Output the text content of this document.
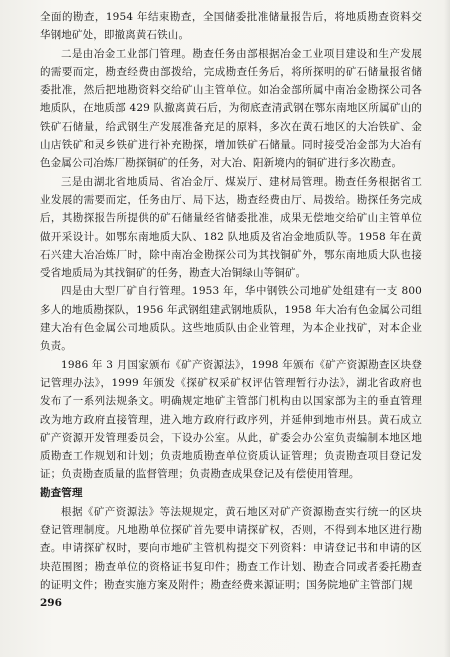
全面的勘查，1954 年结束勘查，全国储委批准储量报告后，将地质勘查资料交华钢地矿处，即撤离黄石铁山。

二是由冶金工业部门管理。勘查任务由部根据冶金工业项目建设和生产发展的需要而定，勘查经费由部拨给，完成勘查任务后，将所探明的矿石储量报省储委批准，然后把地勘资料交给矿山主管单位。如冶金部所属中南冶金勘探公司各地质队，在地质部 429 队撤离黄石后，为彻底查清武钢在鄂东南地区所属矿山的铁矿石储量，给武钢生产发展准备充足的原料，多次在黄石地区的大冶铁矿、金山店铁矿和灵乡铁矿进行补充勘探，增加铁矿石储量。同时接受冶金部为大冶有色金属公司冶炼厂勘探铜矿的任务，对大冶、阳新境内的铜矿进行多次勘查。

三是由湖北省地质局、省冶金厅、煤炭厅、建材局管理。勘查任务根据省工业发展的需要而定，任务由厅、局下达，勘查经费由厅、局拨给。勘探任务完成后，其勘探报告所提供的矿石储量经省储委批准，成果无偿地交给矿山主管单位做开采设计。如鄂东南地质大队、182 队地质及省冶金地质队等。1958 年在黄石兴建大冶冶炼厂时，除中南冶金勘探公司为其找铜矿外，鄂东南地质大队也接受省地质局为其找铜矿的任务，勘查大冶铜绿山等铜矿。

四是由大型厂矿自行管理。1953 年，华中钢铁公司地矿处组建有一支 800 多人的地质勘探队，1956 年武钢组建武钢地质队，1958 年大冶有色金属公司组建大冶有色金属公司地质队。这些地质队由企业管理，为本企业找矿，对本企业负责。

1986 年 3 月国家颁布《矿产资源法》，1998 年颁布《矿产资源勘查区块登记管理办法》，1999 年颁发《探矿权采矿权评估管理暂行办法》，湖北省政府也发布了一系列法规条文。明确规定地矿主管部门机构由以国家部为主的垂直管理改为地方政府直接管理，进入地方政府行政序列，并延伸到地市州县。黄石成立矿产资源开发管理委员会，下设办公室。从此，矿委会办公室负责编制本地区地质勘查工作规划和计划；负责地质勘查单位资质认证管理；负责勘查项目登记发证；负责勘查质量的监督管理；负责勘查成果登记及有偿使用管理。

勘查管理

根据《矿产资源法》等法规规定，黄石地区对矿产资源勘查实行统一的区块登记管理制度。凡地勘单位探矿首先要申请探矿权，否则，不得到本地区进行勘查。申请探矿权时，要向市地矿主管机构提交下列资料：申请登记书和申请的区块范围图；勘查单位的资格证书复印件；勘查工作计划、勘查合同或者委托勘查的证明文件；勘查实施方案及附件；勘查经费来源证明；国务院地矿主管部门规

296
